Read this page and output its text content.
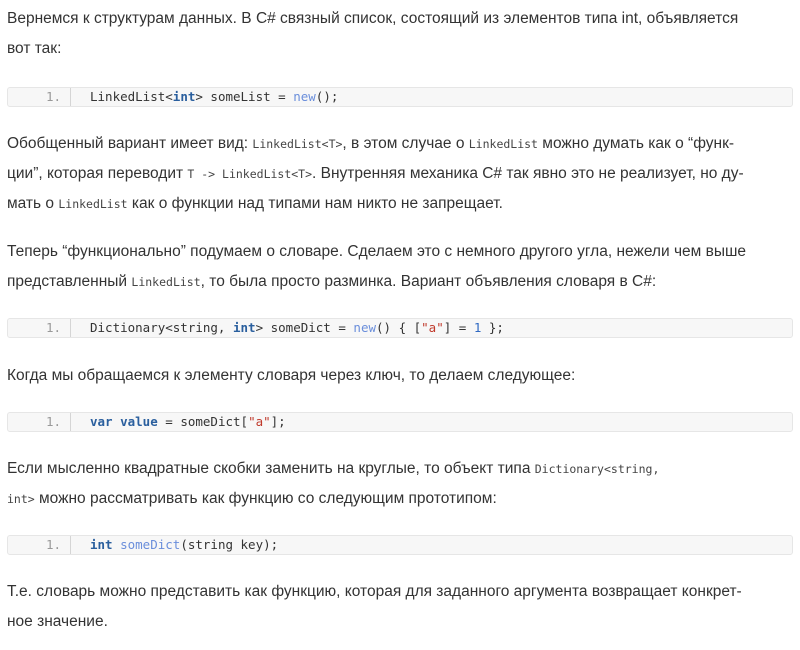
Вернемся к структурам данных. В C# связный список, состоящий из элементов типа int, объявляется
вот так:
1.	LinkedList<int> someList = new();
Обобщенный вариант имеет вид: LinkedList<T>, в этом случае о LinkedList можно думать как о “функ-
ции”, которая переводит T -> LinkedList<T>. Внутренняя механика C# так явно это не реализует, но ду-
мать о LinkedList как о функции над типами нам никто не запрещает.
Теперь “функционально” подумаем о словаре. Сделаем это с немного другого угла, нежели чем выше
представленный LinkedList, то была просто разминка. Вариант объявления словаря в C#:
1.	Dictionary<string, int> someDict = new() { ["a"] = 1 };
Когда мы обращаемся к элементу словаря через ключ, то делаем следующее:
1.	var value = someDict["a"];
Если мысленно квадратные скобки заменить на круглые, то объект типа Dictionary<string,
int> можно рассматривать как функцию со следующим прототипом:
1.	int someDict(string key);
Т.е. словарь можно представить как функцию, которая для заданного аргумента возвращает конкрет-
ное значение.
